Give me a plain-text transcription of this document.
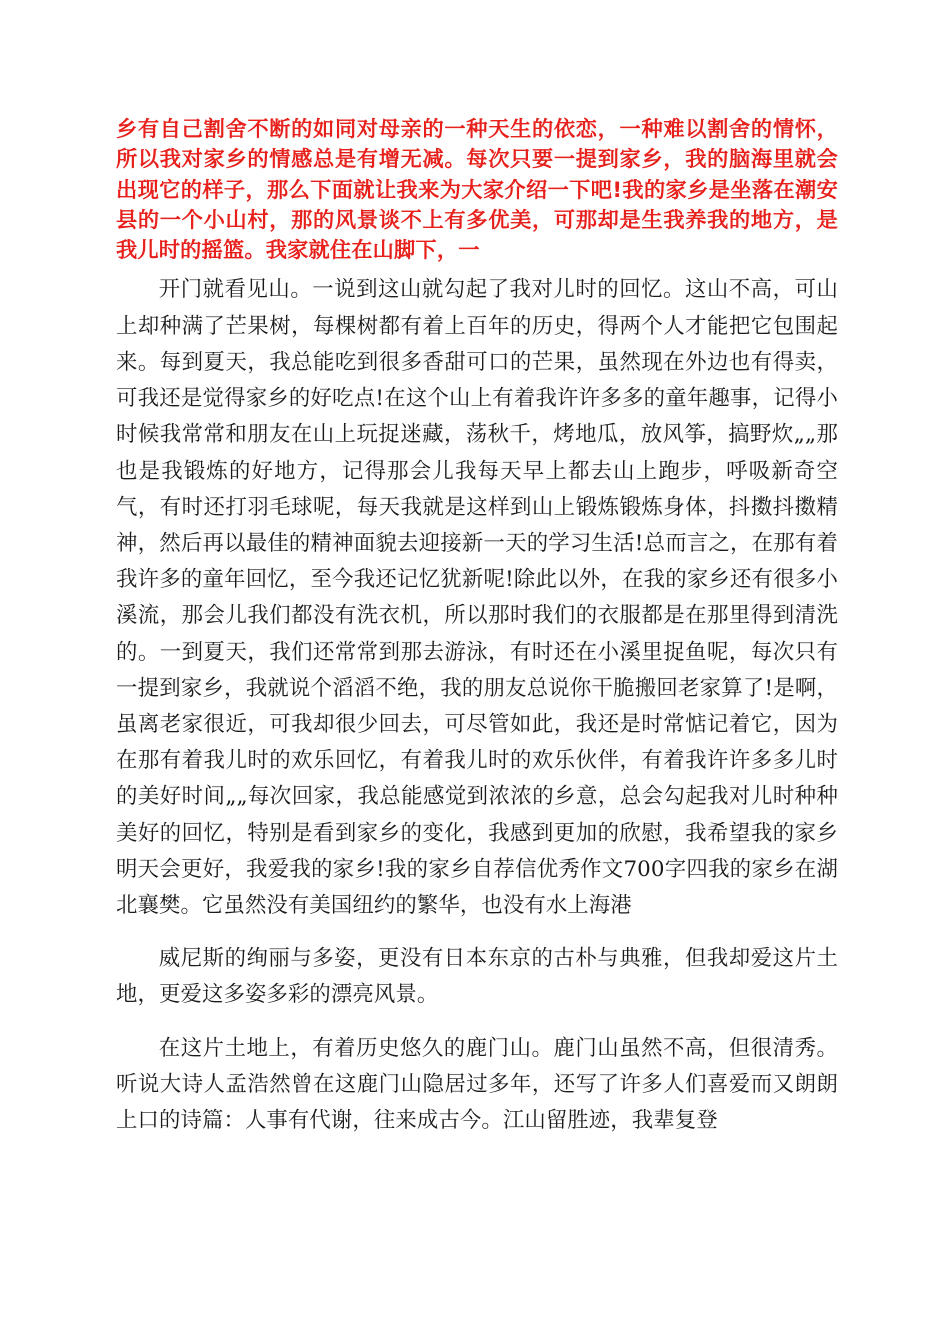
乡有自己割舍不断的如同对母亲的一种天生的依恋，一种难以割舍的情怀，所以我对家乡的情感总是有增无减。每次只要一提到家乡，我的脑海里就会出现它的样子，那么下面就让我来为大家介绍一下吧!我的家乡是坐落在潮安县的一个小山村，那的风景谈不上有多优美，可那却是生我养我的地方，是我儿时的摇篮。我家就住在山脚下，一

开门就看见山。一说到这山就勾起了我对儿时的回忆。这山不高，可山上却种满了芒果树，每棵树都有着上百年的历史，得两个人才能把它包围起来。每到夏天，我总能吃到很多香甜可口的芒果，虽然现在外边也有得卖，可我还是觉得家乡的好吃点!在这个山上有着我许许多多的童年趣事，记得小时候我常常和朋友在山上玩捉迷藏，荡秋千，烤地瓜，放风筝，搞野炊„„那也是我锻炼的好地方，记得那会儿我每天早上都去山上跑步，呼吸新奇空气，有时还打羽毛球呢，每天我就是这样到山上锻炼锻炼身体，抖擞抖擞精神，然后再以最佳的精神面貌去迎接新一天的学习生活!总而言之，在那有着我许多的童年回忆，至今我还记忆犹新呢!除此以外，在我的家乡还有很多小溪流，那会儿我们都没有洗衣机，所以那时我们的衣服都是在那里得到清洗的。一到夏天，我们还常常到那去游泳，有时还在小溪里捉鱼呢，每次只有一提到家乡，我就说个滔滔不绝，我的朋友总说你干脆搬回老家算了!是啊，虽离老家很近，可我却很少回去，可尽管如此，我还是时常惦记着它，因为在那有着我儿时的欢乐回忆，有着我儿时的欢乐伙伴，有着我许许多多儿时的美好时间„„每次回家，我总能感觉到浓浓的乡意，总会勾起我对儿时种种美好的回忆，特别是看到家乡的变化，我感到更加的欣慰，我希望我的家乡明天会更好，我爱我的家乡!我的家乡自荐信优秀作文700字四我的家乡在湖北襄樊。它虽然没有美国纽约的繁华，也没有水上海港

威尼斯的绚丽与多姿，更没有日本东京的古朴与典雅，但我却爱这片土地，更爱这多姿多彩的漂亮风景。

在这片土地上，有着历史悠久的鹿门山。鹿门山虽然不高，但很清秀。听说大诗人孟浩然曾在这鹿门山隐居过多年，还写了许多人们喜爱而又朗朗上口的诗篇：人事有代谢，往来成古今。江山留胜迹，我辈复登
